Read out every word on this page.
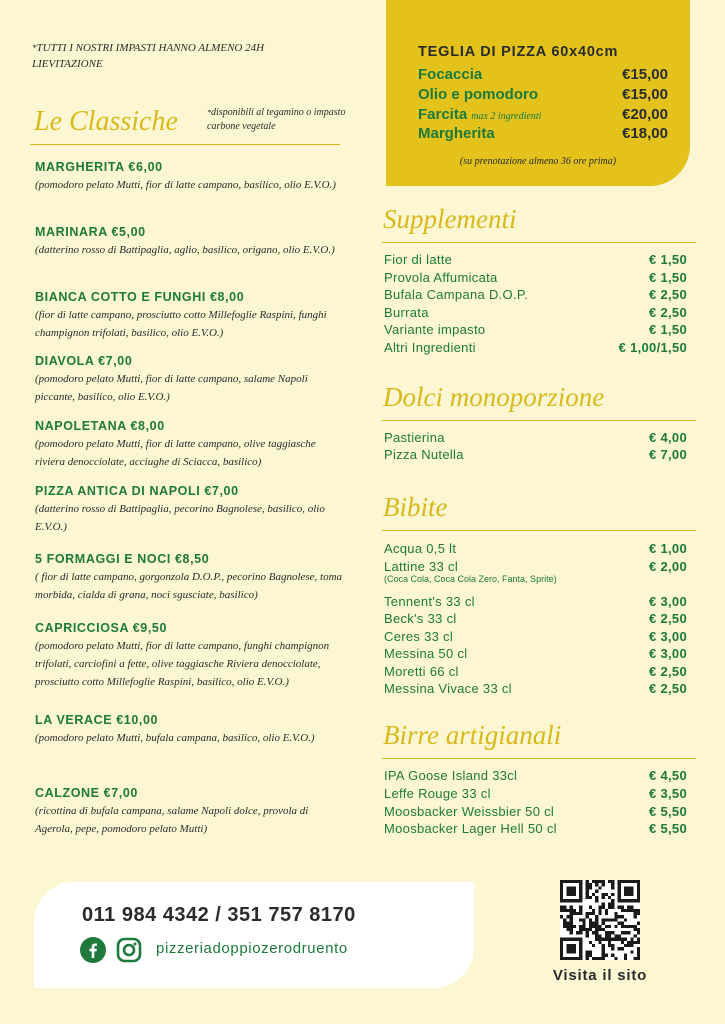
*TUTTI I NOSTRI IMPASTI HANNO ALMENO 24H LIEVITAZIONE
Le Classiche	*disponibili al tegamino o impasto carbone vegetale
MARGHERITA €6,00
(pomodoro pelato Mutti, fior di latte campano, basilico, olio E.V.O.)
MARINARA €5,00
(datterino rosso di Battipaglia, aglio, basilico, origano, olio E.V.O.)
BIANCA COTTO E FUNGHI €8,00
(fior di latte campano, prosciutto cotto Millefoglie Raspini, funghi champignon trifolati, basilico, olio E.V.O.)
DIAVOLA €7,00
(pomodoro pelato Mutti, fior di latte campano, salame Napoli piccante, basilico, olio E.V.O.)
NAPOLETANA €8,00
(pomodoro pelato Mutti, fior di latte campano, olive taggiasche riviera denocciolate, acciughe di Sciacca, basilico)
PIZZA ANTICA DI NAPOLI €7,00
(datterino rosso di Battipaglia, pecorino Bagnolese, basilico, olio E.V.O.)
5 FORMAGGI E NOCI €8,50
( fior di latte campano, gorgonzola D.O.P., pecorino Bagnolese, toma morbida, cialda di grana, noci sgusciate, basilico)
CAPRICCIOSA €9,50
(pomodoro pelato Mutti, fior di latte campano, funghi champignon trifolati, carciofini a fette, olive taggiasche Riviera denocciolate, prosciutto cotto Millefoglie Raspini, basilico, olio E.V.O.)
LA VERACE €10,00
(pomodoro pelato Mutti, bufala campana, basilico, olio E.V.O.)
CALZONE €7,00
(ricottina di bufala campana, salame Napoli dolce, provola di Agerola, pepe, pomodoro pelato Mutti)
TEGLIA DI PIZZA 60x40cm
Focaccia	€15,00
Olio e pomodoro	€15,00
Farcita max 2 ingredienti	€20,00
Margherita	€18,00
(su prenotazione almeno 36 ore prima)
Supplementi
Fior di latte	€ 1,50
Provola Affumicata	€ 1,50
Bufala Campana D.O.P.	€ 2,50
Burrata	€ 2,50
Variante impasto	€ 1,50
Altri Ingredienti	€ 1,00/1,50
Dolci monoporzione
Pastierina	€ 4,00
Pizza Nutella	€ 7,00
Bibite
Acqua 0,5 lt	€ 1,00
Lattine 33 cl	€ 2,00
(Coca Cola, Coca Cola Zero, Fanta, Sprite)
Tennent's 33 cl	€ 3,00
Beck's 33 cl	€ 2,50
Ceres 33 cl	€ 3,00
Messina 50 cl	€ 3,00
Moretti 66 cl	€ 2,50
Messina Vivace 33 cl	€ 2,50
Birre artigianali
IPA Goose Island 33cl	€ 4,50
Leffe Rouge 33 cl	€ 3,50
Moosbacker Weissbier 50 cl	€ 5,50
Moosbacker Lager Hell 50 cl	€ 5,50
011 984 4342 / 351 757 8170
pizzeriadoppiozerodruento
Visita il sito
